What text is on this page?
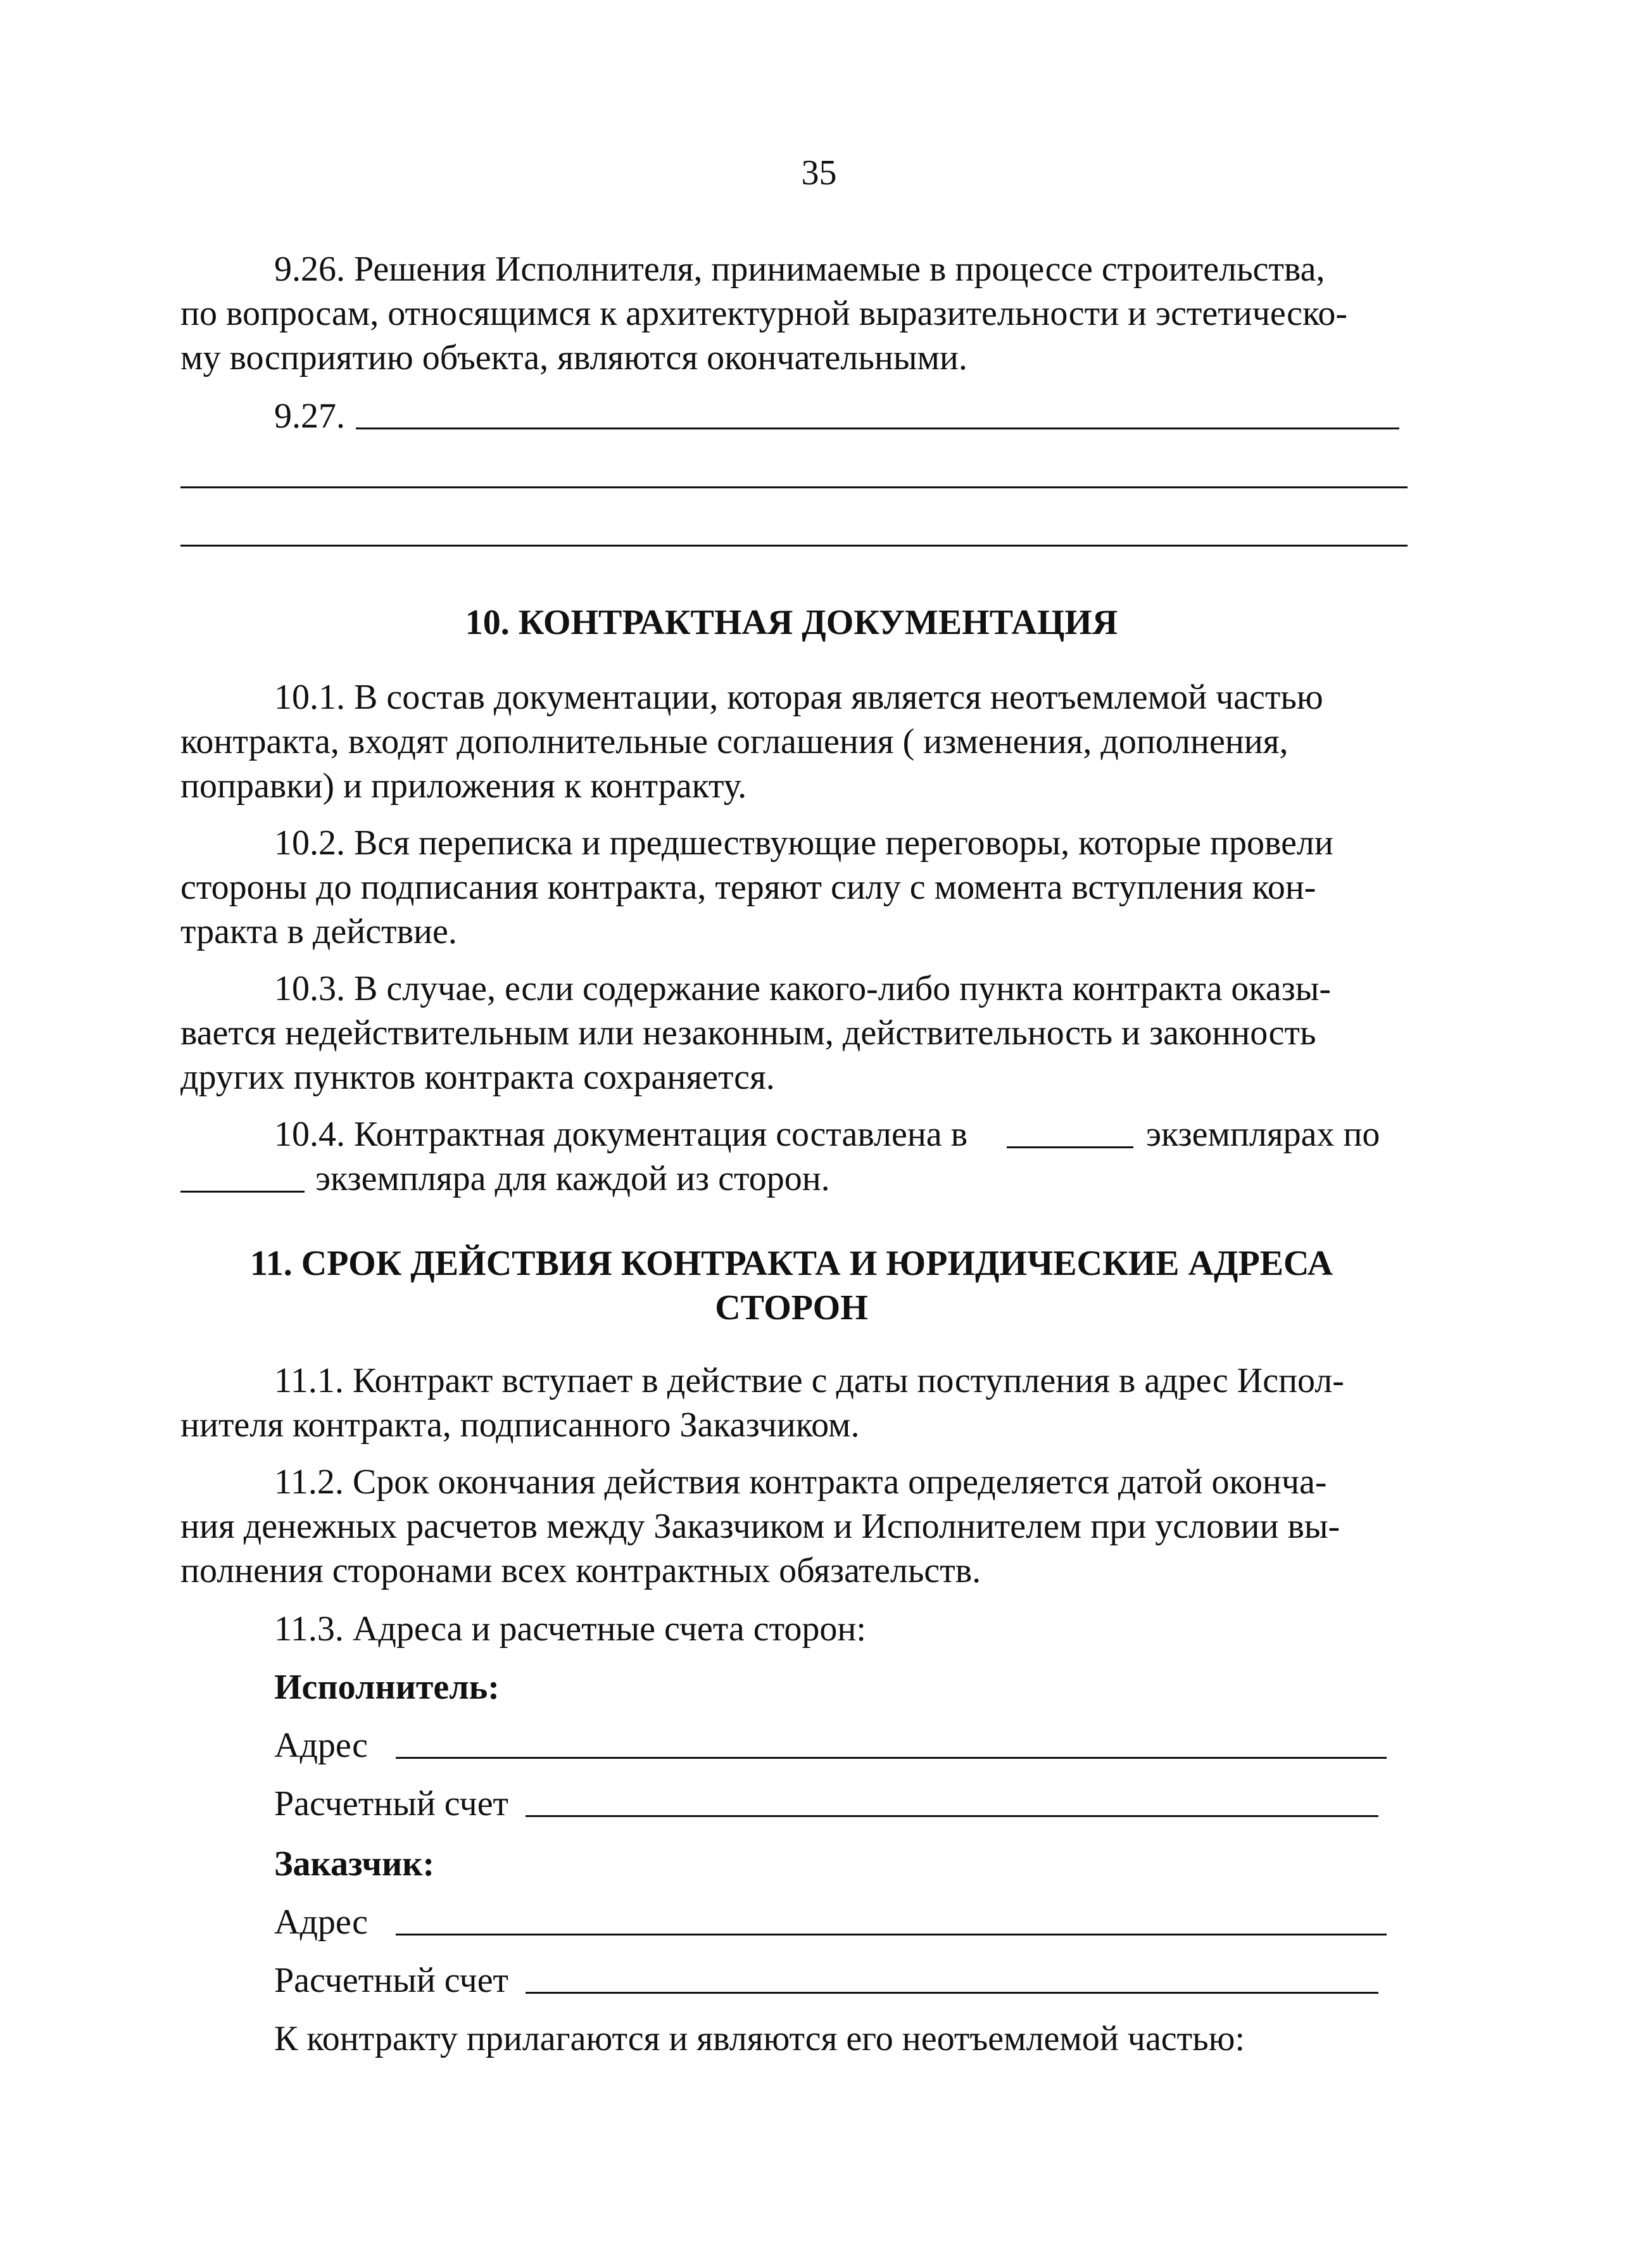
35
9.26. Решения Исполнителя, принимаемые в процессе строительства,
по вопросам, относящимся к архитектурной выразительности и эстетическо-
му восприятию объекта, являются окончательными.
9.27.
10. КОНТРАКТНАЯ ДОКУМЕНТАЦИЯ
10.1. В состав документации, которая является неотъемлемой частью
контракта, входят дополнительные соглашения ( изменения, дополнения,
поправки) и приложения к контракту.
10.2. Вся переписка и предшествующие переговоры, которые провели
стороны до подписания контракта, теряют силу с момента вступления кон-
тракта в действие.
10.3. В случае, если содержание какого-либо пункта контракта оказы-
вается недействительным или незаконным, действительность и законность
других пунктов контракта сохраняется.
10.4. Контрактная документация составлена в	экземплярах по
экземпляра для каждой из сторон.
11. СРОК ДЕЙСТВИЯ КОНТРАКТА И ЮРИДИЧЕСКИЕ АДРЕСА
СТОРОН
11.1. Контракт вступает в действие с даты поступления в адрес Испол-
нителя контракта, подписанного Заказчиком.
11.2. Срок окончания действия контракта определяется датой оконча-
ния денежных расчетов между Заказчиком и Исполнителем при условии вы-
полнения сторонами всех контрактных обязательств.
11.3. Адреса и расчетные счета сторон:
Исполнитель:
Адрес
Расчетный счет
Заказчик:
Адрес
Расчетный счет
К контракту прилагаются и являются его неотъемлемой частью:
